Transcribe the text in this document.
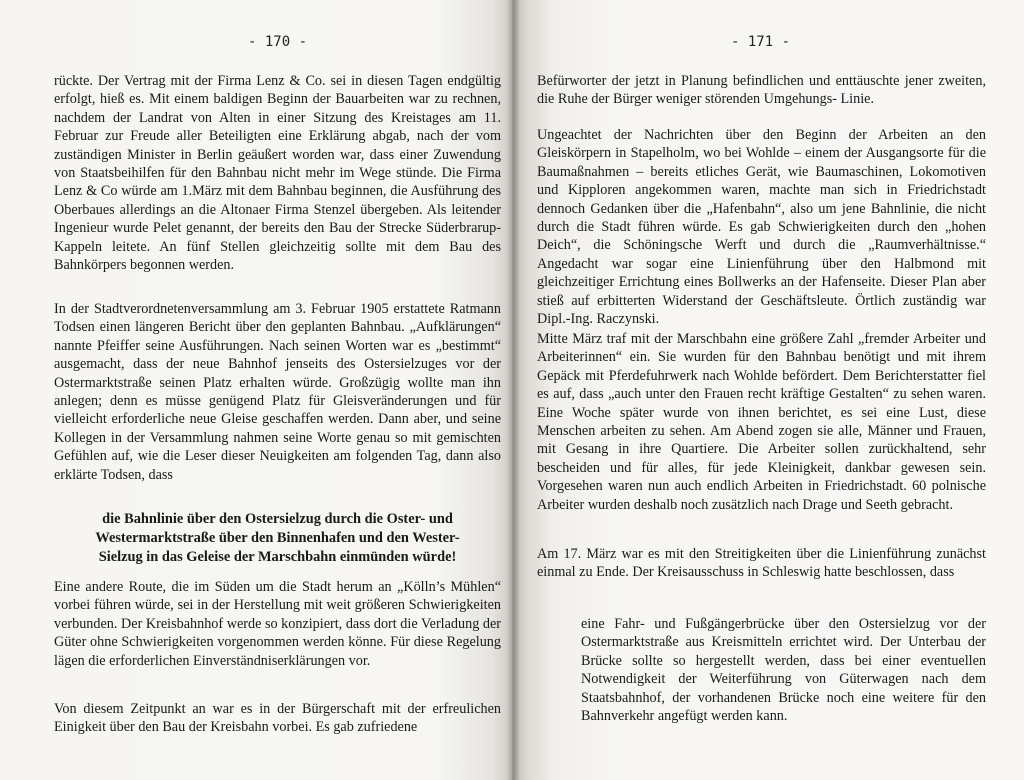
- 170 -

rückte. Der Vertrag mit der Firma Lenz & Co. sei in diesen Tagen endgültig erfolgt, hieß es. Mit einem baldigen Beginn der Bauarbeiten war zu rechnen, nachdem der Landrat von Alten in einer Sitzung des Kreistages am 11. Februar zur Freude aller Beteiligten eine Erklärung abgab, nach der vom zuständigen Minister in Berlin geäußert worden war, dass einer Zuwendung von Staatsbeihilfen für den Bahnbau nicht mehr im Wege stünde. Die Firma Lenz & Co würde am 1.März mit dem Bahnbau beginnen, die Ausführung des Oberbaues allerdings an die Altonaer Firma Stenzel übergeben. Als leitender Ingenieur wurde Pelet genannt, der bereits den Bau der Strecke Süderbrarup-Kappeln leitete. An fünf Stellen gleichzeitig sollte mit dem Bau des Bahnkörpers begonnen werden.

In der Stadtverordnetenversammlung am 3. Februar 1905 erstattete Ratmann Todsen einen längeren Bericht über den geplanten Bahnbau. „Aufklärungen“ nannte Pfeiffer seine Ausführungen. Nach seinen Worten war es „bestimmt“ ausgemacht, dass der neue Bahnhof jenseits des Ostersielzuges vor der Ostermarktstraße seinen Platz erhalten würde. Großzügig wollte man ihn anlegen; denn es müsse genügend Platz für Gleisveränderungen und für vielleicht erforderliche neue Gleise geschaffen werden. Dann aber, und seine Kollegen in der Versammlung nahmen seine Worte genau so mit gemischten Gefühlen auf, wie die Leser dieser Neuigkeiten am folgenden Tag, dann also erklärte Todsen, dass

die Bahnlinie über den Ostersielzug durch die Oster- und Westermarktstraße über den Binnenhafen und den Wester-Sielzug in das Geleise der Marschbahn einmünden würde!

Eine andere Route, die im Süden um die Stadt herum an „Kölln’s Mühlen“ vorbei führen würde, sei in der Herstellung mit weit größeren Schwierigkeiten verbunden. Der Kreisbahnhof werde so konzipiert, dass dort die Verladung der Güter ohne Schwierigkeiten vorgenommen werden könne. Für diese Regelung lägen die erforderlichen Einverständniserklärungen vor.

Von diesem Zeitpunkt an war es in der Bürgerschaft mit der erfreulichen Einigkeit über den Bau der Kreisbahn vorbei. Es gab zufriedene

- 171 -

Befürworter der jetzt in Planung befindlichen und enttäuschte jener zweiten, die Ruhe der Bürger weniger störenden Umgehungs- Linie.

Ungeachtet der Nachrichten über den Beginn der Arbeiten an den Gleiskörpern in Stapelholm, wo bei Wohlde – einem der Ausgangsorte für die Baumaßnahmen – bereits etliches Gerät, wie Baumaschinen, Lokomotiven und Kipploren angekommen waren, machte man sich in Friedrichstadt dennoch Gedanken über die „Hafenbahn“, also um jene Bahnlinie, die nicht durch die Stadt führen würde. Es gab Schwierigkeiten durch den „hohen Deich“, die Schöningsche Werft und durch die „Raumverhältnisse.“ Angedacht war sogar eine Linienführung über den Halbmond mit gleichzeitiger Errichtung eines Bollwerks an der Hafenseite. Dieser Plan aber stieß auf erbitterten Widerstand der Geschäftsleute. Örtlich zuständig war Dipl.-Ing. Raczynski.

Mitte März traf mit der Marschbahn eine größere Zahl „fremder Arbeiter und Arbeiterinnen“ ein. Sie wurden für den Bahnbau benötigt und mit ihrem Gepäck mit Pferdefuhrwerk nach Wohlde befördert. Dem Berichterstatter fiel es auf, dass „auch unter den Frauen recht kräftige Gestalten“ zu sehen waren. Eine Woche später wurde von ihnen berichtet, es sei eine Lust, diese Menschen arbeiten zu sehen. Am Abend zogen sie alle, Männer und Frauen, mit Gesang in ihre Quartiere. Die Arbeiter sollen zurückhaltend, sehr bescheiden und für alles, für jede Kleinigkeit, dankbar gewesen sein. Vorgesehen waren nun auch endlich Arbeiten in Friedrichstadt. 60 polnische Arbeiter wurden deshalb noch zusätzlich nach Drage und Seeth gebracht.

Am 17. März war es mit den Streitigkeiten über die Linienführung zunächst einmal zu Ende. Der Kreisausschuss in Schleswig hatte beschlossen, dass

eine Fahr- und Fußgängerbrücke über den Ostersielzug vor der Ostermarktstraße aus Kreismitteln errichtet wird. Der Unterbau der Brücke sollte so hergestellt werden, dass bei einer eventuellen Notwendigkeit der Weiterführung von Güterwagen nach dem Staatsbahnhof, der vorhandenen Brücke noch eine weitere für den Bahnverkehr angefügt werden kann.
